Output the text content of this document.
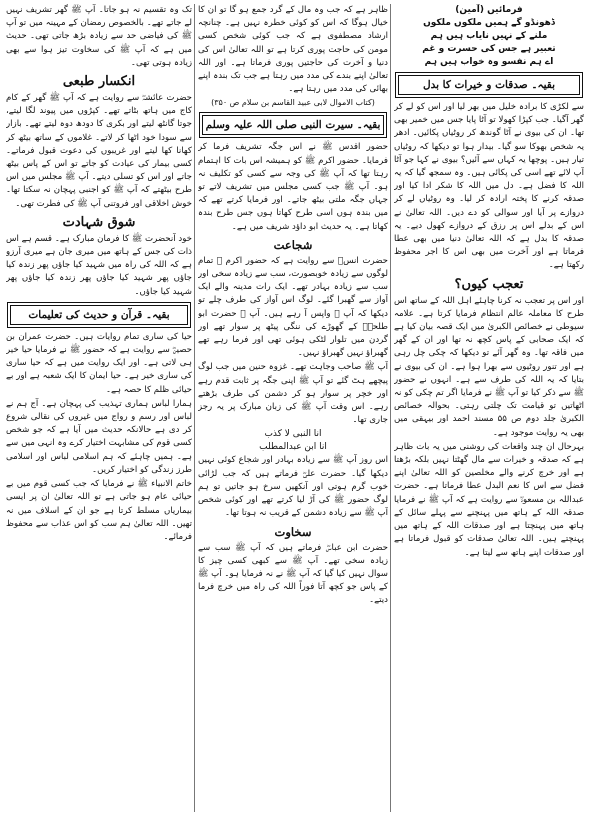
فرمائیں (آمین)

ڈھونڈو گے ہمیں ملکوں ملکوں

ملنے کے نہیں نایاب ہیں ہم

تعبیر ہے جس کی حسرت و غم

اے ہم نفسو وہ خواب ہیں ہم

بقیہ۔ صدقات و خیرات کا بدل

سے لکڑی کا برادہ خلیل میں بھر لیا اور اس کو لے کر گھر آگیا۔ جب کپڑا کھولا تو آٹا پایا جس میں خمیر بھی تھا۔ ان کی بیوی نے آٹا گوندھ کر روٹیاں پکائیں۔ ادھر یہ شخص بھوکا سو گیا۔ بیدار ہوا تو دیکھا کہ روٹیاں تیار ہیں۔ پوچھا یہ کہاں سے آئیں؟ بیوی نے کہا جو آٹا آپ لائے تھے اسی کی پکائی ہیں۔ وہ سمجھ گیا کہ یہ اللہ کا فضل ہے۔ دل میں اللہ کا شکر ادا کیا اور صدقہ کرنے کا پختہ ارادہ کر لیا۔ وہ روٹیاں لے کر دروازے پر آیا اور سوالی کو دے دیں۔ اللہ تعالیٰ نے اس کے بدلے اس پر رزق کے دروازے کھول دیے۔ یہ صدقہ کا بدل ہے کہ اللہ تعالیٰ دنیا میں بھی عطا فرماتا ہے اور آخرت میں بھی اس کا اجر محفوظ رکھتا ہے۔

تعجب کیوں؟

اور اس پر تعجب نہ کرنا چاہئے اہل اللہ کے ساتھ اس طرح کا معاملہ عالم انتظام فرمایا کرتا ہے۔ علامہ سیوطی نے خصائص الکبریٰ میں ایک قصہ بیان کیا ہے کہ ایک صحابی کے پاس کچھ نہ تھا اور ان کے گھر میں فاقہ تھا۔ وہ گھر آئے تو دیکھا کہ چکی چل رہی ہے اور تنور روٹیوں سے بھرا ہوا ہے۔ ان کی بیوی نے بتایا کہ یہ اللہ کی طرف سے ہے۔ انہوں نے حضور ﷺ سے ذکر کیا تو آپ ﷺ نے فرمایا اگر تم چکی کو نہ اٹھاتیں تو قیامت تک چلتی رہتی۔ بحوالہ خصائص الکبریٰ جلد دوم ص ۵۵ مسند احمد اور بیہقی میں بھی یہ روایت موجود ہے۔

بہرحال ان چند واقعات کی روشنی میں یہ بات ظاہر ہے کہ صدقہ و خیرات سے مال گھٹتا نہیں بلکہ بڑھتا ہے اور خرچ کرنے والے مخلصین کو اللہ تعالیٰ اپنے فضل سے اس کا نعم البدل عطا فرماتا ہے۔ حضرت عبداللہ بن مسعودؓ سے روایت ہے کہ آپ ﷺ نے فرمایا صدقہ اللہ کے ہاتھ میں پہنچنے سے پہلے سائل کے ہاتھ میں پہنچتا ہے اور صدقات اللہ کے ہاتھ میں پہنچتے ہیں۔ اللہ تعالیٰ صدقات کو قبول فرماتا ہے اور صدقات اپنے ہاتھ سے لیتا ہے۔

ظاہر ہے کہ جب وہ مال کے گرد جمع ہو گا تو ان کا خیال ہوگا کہ اس کو کوئی خطرہ نہیں ہے۔ چنانچہ ارشاد مصطفوی ہے کہ جب کوئی شخص کسی مومن کی حاجت پوری کرتا ہے تو اللہ تعالیٰ اس کی دنیا و آخرت کی حاجتیں پوری فرماتا ہے۔ اور اللہ تعالیٰ اپنے بندے کی مدد میں رہتا ہے جب تک بندہ اپنے بھائی کی مدد میں رہتا ہے۔

(کتاب الاموال لابی عبید القاسم بن سلام ص ۳۵۰)

بقیہ۔ سیرت النبی صلی اللہ علیہ وسلم

حضور اقدس ﷺ نے اس جگہ تشریف فرما کر فرمایا۔ حضور اکرم ﷺ کو ہمیشہ اس بات کا اہتمام رہتا تھا کہ آپ ﷺ کی وجہ سے کسی کو تکلیف نہ ہو۔ آپ ﷺ جب کسی مجلس میں تشریف لاتے تو جہاں جگہ ملتی بیٹھ جاتے۔ اور فرمایا کرتے تھے کہ میں بندہ ہوں اسی طرح کھاتا ہوں جس طرح بندہ کھاتا ہے۔ یہ حدیث ابو داؤد شریف میں ہے۔

شجاعت

حضرت انسؓ سے روایت ہے کہ حضور اکرم ﷺ تمام لوگوں سے زیادہ خوبصورت، سب سے زیادہ سخی اور سب سے زیادہ بہادر تھے۔ ایک رات مدینہ والے ایک آواز سے گھبرا گئے۔ لوگ اس آواز کی طرف چلے تو دیکھا کہ آپ ﷺ واپس آ رہے ہیں۔ آپ ﷺ حضرت ابو طلحہؓ کے گھوڑے کی ننگی پیٹھ پر سوار تھے اور گردن میں تلوار لٹکی ہوئی تھی اور فرما رہے تھے گھبراؤ نہیں گھبراؤ نہیں۔

آپ ﷺ صاحب وجاہت تھے۔ غزوہ حنین میں جب لوگ پیچھے ہٹ گئے تو آپ ﷺ اپنی جگہ پر ثابت قدم رہے اور خچر پر سوار ہو کر دشمن کی طرف بڑھتے رہے۔ اس وقت آپ ﷺ کی زبان مبارک پر یہ رجز جاری تھا۔

انا النبی لا کذب

انا ابن عبدالمطلب

اس روز آپ ﷺ سے زیادہ بہادر اور شجاع کوئی نہیں دیکھا گیا۔ حضرت علیؓ فرماتے ہیں کہ جب لڑائی خوب گرم ہوتی اور آنکھیں سرخ ہو جاتیں تو ہم لوگ حضور ﷺ کی آڑ لیا کرتے تھے اور کوئی شخص آپ ﷺ سے زیادہ دشمن کے قریب نہ ہوتا تھا۔

سخاوت

حضرت ابن عباسؓ فرماتے ہیں کہ آپ ﷺ سب سے زیادہ سخی تھے۔ آپ ﷺ سے کبھی کسی چیز کا سوال نہیں کیا گیا کہ آپ ﷺ نے نہ فرمایا ہو۔ آپ ﷺ کے پاس جو کچھ آتا فوراً اللہ کی راہ میں خرچ فرما دیتے۔

تک وہ تقسیم نہ ہو جاتا۔ آپ ﷺ گھر تشریف نہیں لے جاتے تھے۔ بالخصوص رمضان کے مہینہ میں تو آپ ﷺ کی فیاضی حد سے زیادہ بڑھ جاتی تھی۔ حدیث میں ہے کہ آپ ﷺ کی سخاوت تیز ہوا سے بھی زیادہ ہوتی تھی۔

انکسار طبعی

حضرت عائشہؓ سے روایت ہے کہ آپ ﷺ گھر کے کام کاج میں ہاتھ بٹاتے تھے۔ کپڑوں میں پیوند لگا لیتے، جوتا گانٹھ لیتے اور بکری کا دودھ دوہ لیتے تھے۔ بازار سے سودا خود اٹھا کر لاتے۔ غلاموں کے ساتھ بیٹھ کر کھانا کھا لیتے اور غریبوں کی دعوت قبول فرماتے۔ کسی بیمار کی عیادت کو جاتے تو اس کے پاس بیٹھ جاتے اور اس کو تسلی دیتے۔ آپ ﷺ مجلس میں اس طرح بیٹھتے کہ آپ ﷺ کو اجنبی پہچان نہ سکتا تھا۔ خوش اخلاقی اور فروتنی آپ ﷺ کی فطرت تھی۔

شوق شہادت

خود آنحضرت ﷺ کا فرمان مبارک ہے۔ قسم ہے اس ذات کی جس کے ہاتھ میں میری جان ہے میری آرزو ہے کہ اللہ کی راہ میں شہید کیا جاؤں پھر زندہ کیا جاؤں پھر شہید کیا جاؤں پھر زندہ کیا جاؤں پھر شہید کیا جاؤں۔

بقیہ۔ قرآن و حدیث کی تعلیمات

حیا کی ساری تمام روایات ہیں۔ حضرت عمران بن حصینؓ سے روایت ہے کہ حضور ﷺ نے فرمایا حیا خیر ہی لاتی ہے۔ اور ایک روایت میں ہے کہ حیا ساری کی ساری خیر ہے۔ حیا ایمان کا ایک شعبہ ہے اور بے حیائی ظلم کا حصہ ہے۔

ہمارا لباس ہماری تہذیب کی پہچان ہے۔ آج ہم نے لباس اور رسم و رواج میں غیروں کی نقالی شروع کر دی ہے حالانکہ حدیث میں آیا ہے کہ جو شخص کسی قوم کی مشابہت اختیار کرے وہ انہی میں سے ہے۔ ہمیں چاہئے کہ ہم اسلامی لباس اور اسلامی طرز زندگی کو اختیار کریں۔

خاتم الانبیاء ﷺ نے فرمایا کہ جب کسی قوم میں بے حیائی عام ہو جاتی ہے تو اللہ تعالیٰ ان پر ایسی بیماریاں مسلط کرتا ہے جو ان کے اسلاف میں نہ تھیں۔ اللہ تعالیٰ ہم سب کو اس عذاب سے محفوظ فرمائے۔
